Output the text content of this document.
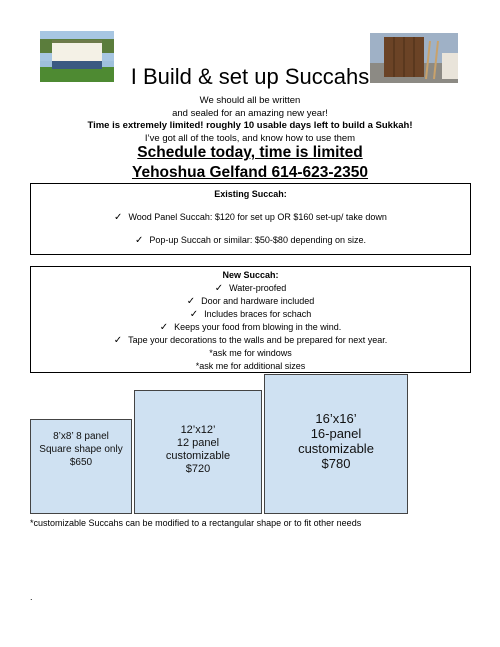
I Build & set up Succahs
We should all be written
and sealed for an amazing new year!
Time is extremely limited! roughly 10 usable days left to build a Sukkah!
I’ve got all of the tools, and know how to use them
Schedule today, time is limited
Yehoshua Gelfand 614-623-2350
Existing Succah:
✓ Wood Panel Succah: $120 for set up OR $160 set-up/ take down
✓ Pop-up Succah or similar: $50-$80 depending on size.
New Succah:
✓ Water-proofed
✓ Door and hardware included
✓ Includes braces for schach
✓ Keeps your food from blowing in the wind.
✓ Tape your decorations to the walls and be prepared for next year.
*ask me for windows
*ask me for additional sizes
8’x8’ 8 panel
Square shape only
$650
12’x12’
12 panel
customizable
$720
16’x16’
16-panel
customizable
$780
*customizable Succahs can be modified to a rectangular shape or to fit other needs
.
